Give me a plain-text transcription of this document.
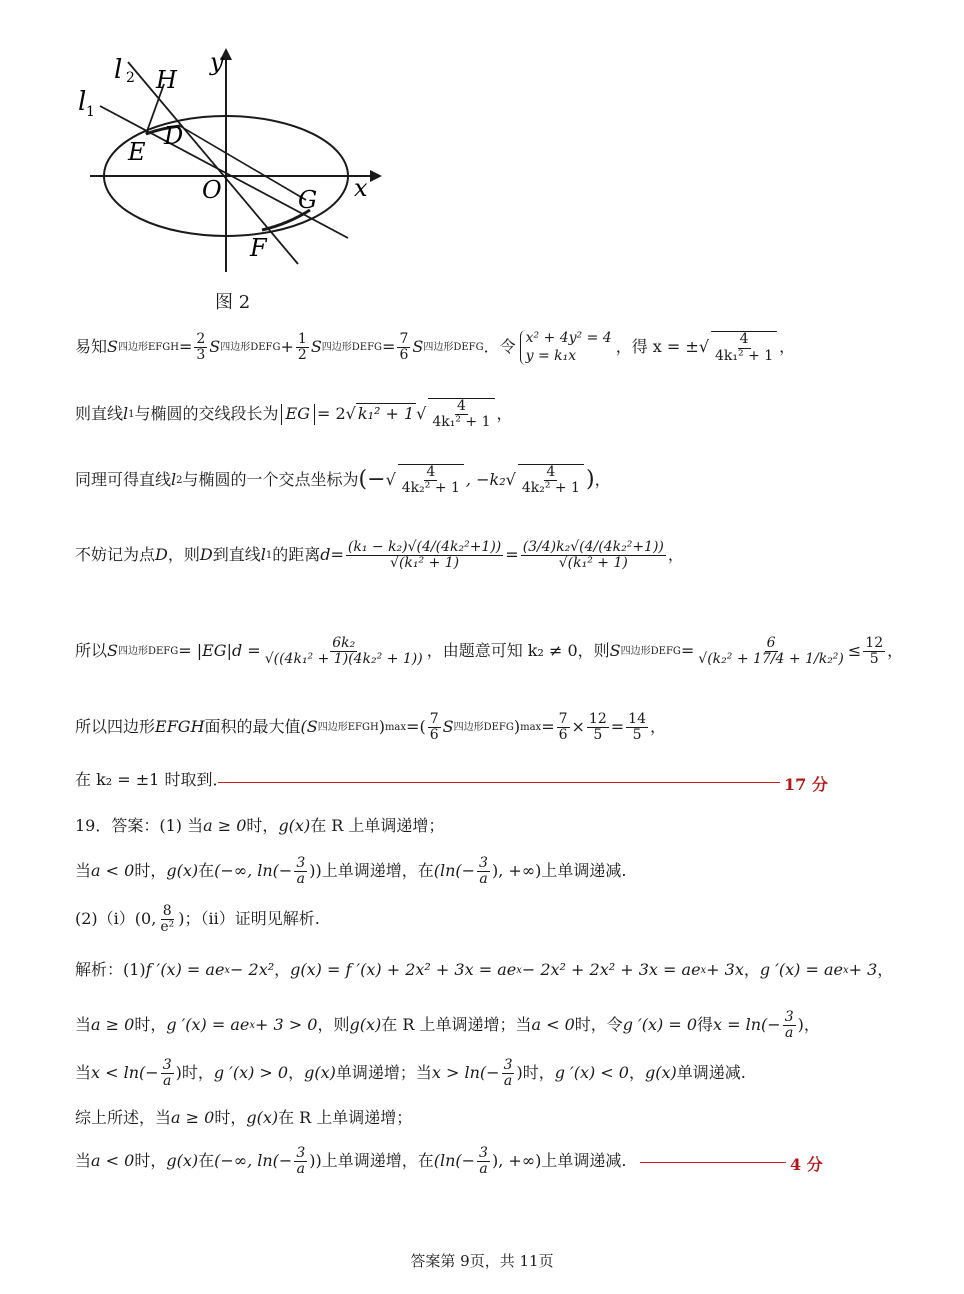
l 2 H
y
l 1
D
E
O	G x
F
图 2
易知 S 四边形EFGH = $\frac{2}{3}$ S 四边形DEFG + $\frac{1}{2}$ S 四边形DEFG = $\frac{7}{6}$ S 四边形DEFG ．令 x² + 4y² = 4
y = k₁x	，得 x = ± √ $\frac{4}{\text{4k₁² + 1}}$ ，
则直线 l 1 与椭圆的交线段长为 EG = 2 √ k₁² + 1 √ $\frac{4}{\text{4k₁² + 1}}$ ，
同理可得直线 l 2 与椭圆的一个交点坐标为 (− √ $\frac{4}{\text{4k₂² + 1}}$ , −k₂ √ $\frac{4}{\text{4k₂² + 1}}$ ) ，
不妨记为点 D ，则 D 到直线 l 1 的距离 $d = \frac{\text{(k₁ − k₂)√(4/(4k₂²+1))}}{\text{√(k₁² + 1)}} = \frac{\text{(3/4)k₂√(4/(4k₂²+1))}}{\text{√(k₁² + 1)}}$ ，
所以 S 四边形DEFG = $|EG|d = \frac{\text{6k₂}}{\text{√((4k₁² + 1)(4k₂² + 1))}}$ ，由题意可知 k₂ ≠ 0，则 S 四边形DEFG = $\frac{6}{\text{√(k₂² + 17/4 + 1/k₂²)}} \le \frac{12}{5}$ ，
所以四边形 EFGH 面积的最大值 (S 四边形EFGH ) max = ( $\frac{7}{6}$ S 四边形DEFG ) $\max = \frac{7}{6} \times \frac{12}{5} = \frac{14}{5}$ ，
在 k₂ = ±1 时取到．	17 分
19．答案：(1) 当 a ≥ 0 时， g(x) 在 R 上单调递增；
当 a < 0 时， g(x) 在 (−∞, $\ln(- \frac{3}{a}$ )) 上单调递增，在 ($\ln(- \frac{3}{a}$ ), +∞) 上单调递减.
(2)（i） (0, $\frac{8}{\text{e²}}$ ) ；（ii）证明见解析.
解析：(1) f ′(x) = ae x − 2x² ， g(x) = f ′(x) + 2x² + 3x = ae x − 2x² + 2x² + 3x = ae x + 3x ， g ′(x) = ae x + 3 ，
当 a ≥ 0 时， g ′(x) = ae x + 3 > 0 ，则 g(x) 在 R 上单调递增；当 a < 0 时，令 g ′(x) = 0 得 $x = \ln(- \frac{3}{a}$ ) ，
当 $x < \ln(- \frac{3}{a}$ ) 时， g ′(x) > 0 ， g(x) 单调递增；当 $x > \ln(- \frac{3}{a}$ ) 时， g ′(x) < 0 ， g(x) 单调递减.
综上所述，当 a ≥ 0 时， g(x) 在 R 上单调递增；
当 a < 0 时， g(x) 在 (−∞, $\ln(- \frac{3}{a}$ )) 上单调递增，在 ($\ln(- \frac{3}{a}$ ), +∞) 上单调递减.	4 分
答案第 9页，共 11页
